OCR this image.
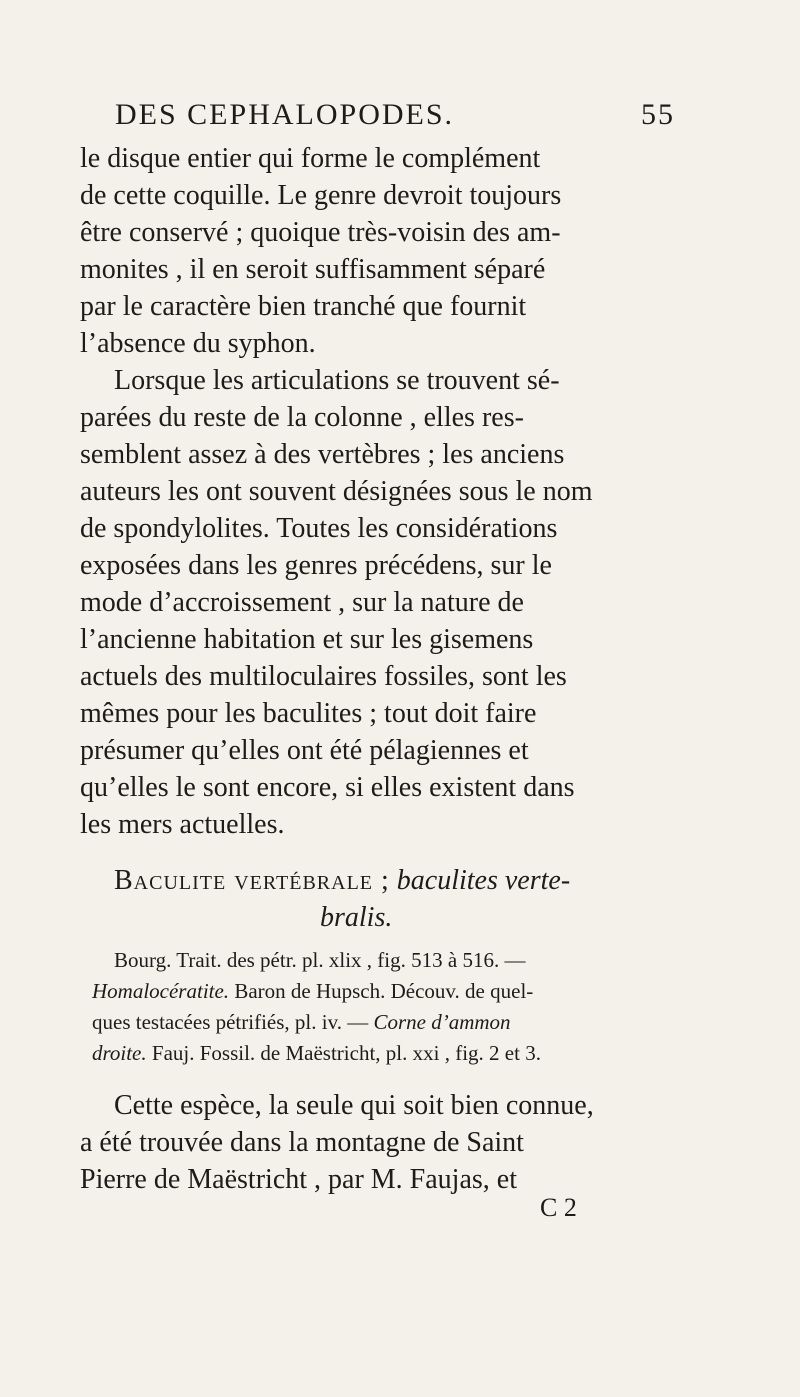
DES CEPHALOPODES.	55
le disque entier qui forme le complément
de cette coquille. Le genre devroit toujours
être conservé ; quoique très-voisin des am-
monites , il en seroit suffisamment séparé
par le caractère bien tranché que fournit
l’absence du syphon.
Lorsque les articulations se trouvent sé-
parées du reste de la colonne , elles res-
semblent assez à des vertèbres ; les anciens
auteurs les ont souvent désignées sous le nom
de spondylolites. Toutes les considérations
exposées dans les genres précédens, sur le
mode d’accroissement , sur la nature de
l’ancienne habitation et sur les gisemens
actuels des multiloculaires fossiles, sont les
mêmes pour les baculites ; tout doit faire
présumer qu’elles ont été pélagiennes et
qu’elles le sont encore, si elles existent dans
les mers actuelles.
Baculite vertébrale ; baculites verte-
bralis.
Bourg. Trait. des pétr. pl. xlix , fig. 513 à 516. —
Homalocératite. Baron de Hupsch. Découv. de quel-
ques testacées pétrifiés, pl. iv. — Corne d’ammon
droite. Fauj. Fossil. de Maëstricht, pl. xxi , fig. 2 et 3.
Cette espèce, la seule qui soit bien connue,
a été trouvée dans la montagne de Saint
Pierre de Maëstricht , par M. Faujas, et
C 2
